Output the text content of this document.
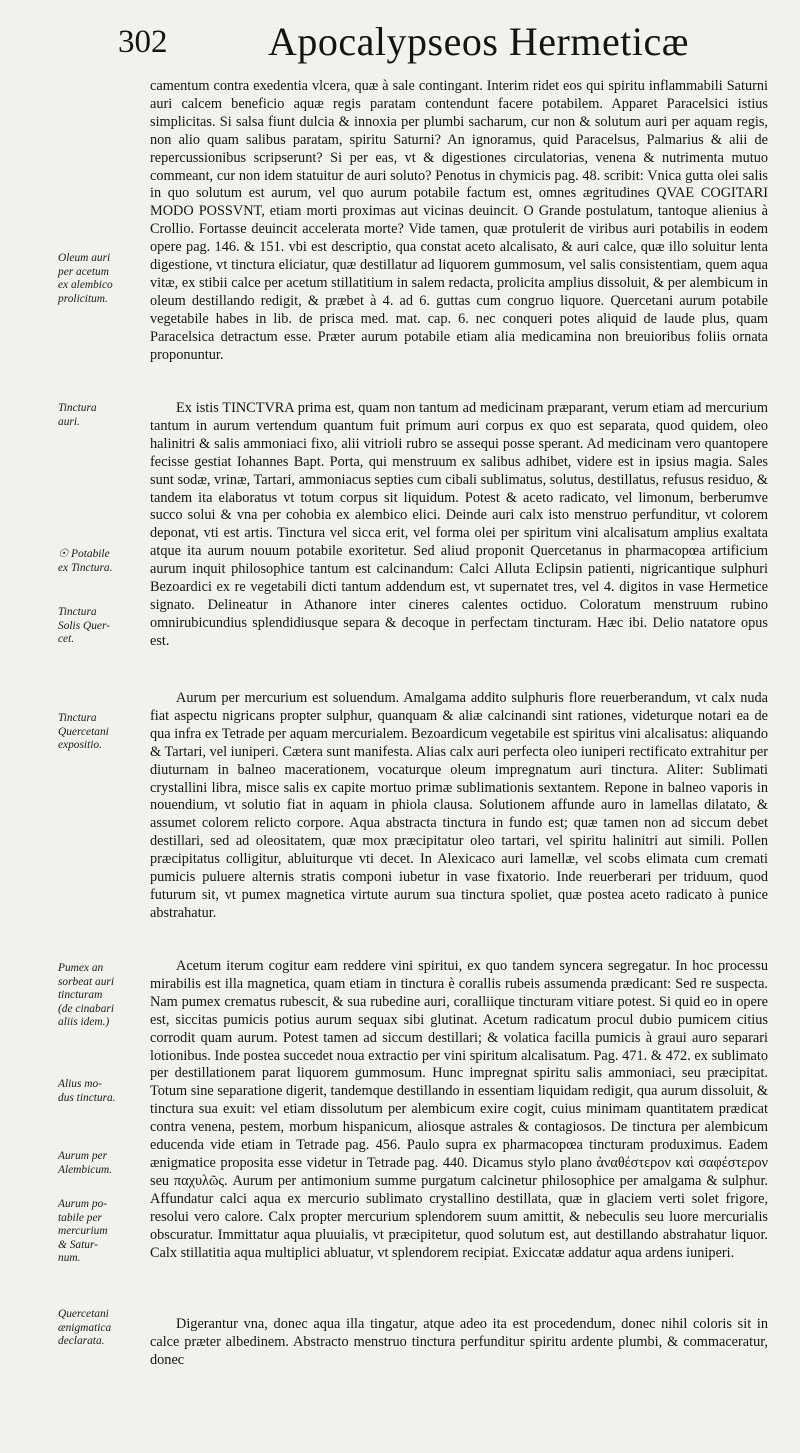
302	Apocalypseos Hermeticæ
Oleum auri
per acetum
ex alembico
prolicitum.
Tinctura
auri.
☉ Potabile
ex Tinctura.
Tinctura
Solis Quer-
cet.
Tinctura
Quercetani
expositio.
Pumex an
sorbeat auri
tincturam
(de cinabari
aliis idem.)
Alius mo-
dus tinctura.
Aurum per
Alembicum.
Aurum po-
tabile per
mercurium
& Satur-
num.
Quercetani
ænigmatica
declarata.

camentum contra exedentia vlcera, quæ à sale contingant. Interim ridet eos qui spiritu inflammabili Saturni auri calcem beneficio aquæ regis paratam contendunt facere potabilem. Apparet Paracelsici istius simplicitas. Si salsa fiunt dulcia & innoxia per plumbi sacharum, cur non & solutum auri per aquam regis, non alio quam salibus paratam, spiritu Saturni? An ignoramus, quid Paracelsus, Palmarius & alii de repercussionibus scripserunt? Si per eas, vt & digestiones circulatorias, venena & nutrimenta mutuo commeant, cur non idem statuitur de auri soluto? Penotus in chymicis pag. 48. scribit: Vnica gutta olei salis in quo solutum est aurum, vel quo aurum potabile factum est, omnes ægritudines QVAE COGITARI MODO POSSVNT, etiam morti proximas aut vicinas deuincit. O Grande postulatum, tantoque alienius à Crollio. Fortasse deuincit accelerata morte? Vide tamen, quæ protulerit de viribus auri potabilis in eodem opere pag. 146. & 151. vbi est descriptio, qua constat aceto alcalisato, & auri calce, quæ illo soluitur lenta digestione, vt tinctura eliciatur, quæ destillatur ad liquorem gummosum, vel salis consistentiam, quem aqua vitæ, ex stibii calce per acetum stillatitium in salem redacta, prolicita amplius dissoluit, & per alembicum in oleum destillando redigit, & præbet à 4. ad 6. guttas cum congruo liquore. Quercetani aurum potabile vegetabile habes in lib. de prisca med. mat. cap. 6. nec conqueri potes aliquid de laude plus, quam Paracelsica detractum esse. Præter aurum potabile etiam alia medicamina non breuioribus foliis ornata proponuntur.

Ex istis TINCTVRA prima est, quam non tantum ad medicinam præparant, verum etiam ad mercurium tantum in aurum vertendum quantum fuit primum auri corpus ex quo est separata, quod quidem, oleo halinitri & salis ammoniaci fixo, alii vitrioli rubro se assequi posse sperant. Ad medicinam vero quantopere fecisse gestiat Iohannes Bapt. Porta, qui menstruum ex salibus adhibet, videre est in ipsius magia. Sales sunt sodæ, vrinæ, Tartari, ammoniacus septies cum cibali sublimatus, solutus, destillatus, refusus residuo, & tandem ita elaboratus vt totum corpus sit liquidum. Potest & aceto radicato, vel limonum, berberumve succo solui & vna per cohobia ex alembico elici. Deinde auri calx isto menstruo perfunditur, vt colorem deponat, vti est artis. Tinctura vel sicca erit, vel forma olei per spiritum vini alcalisatum amplius exaltata atque ita aurum nouum potabile exoritetur. Sed aliud proponit Quercetanus in pharmacopœa artificium aurum inquit philosophice tantum est calcinandum: Calci Alluta Eclipsin patienti, nigricantique sulphuri Bezoardici ex re vegetabili dicti tantum addendum est, vt supernatet tres, vel 4. digitos in vase Hermetice signato. Delineatur in Athanore inter cineres calentes octiduo. Coloratum menstruum rubino omnirubicundius splendidiusque separa & decoque in perfectam tincturam. Hæc ibi. Delio natatore opus est.

Aurum per mercurium est soluendum. Amalgama addito sulphuris flore reuerberandum, vt calx nuda fiat aspectu nigricans propter sulphur, quanquam & aliæ calcinandi sint rationes, videturque notari ea de qua infra ex Tetrade per aquam mercurialem. Bezoardicum vegetabile est spiritus vini alcalisatus: aliquando & Tartari, vel iuniperi. Cætera sunt manifesta. Alias calx auri perfecta oleo iuniperi rectificato extrahitur per diuturnam in balneo macerationem, vocaturque oleum impregnatum auri tinctura. Aliter: Sublimati crystallini libra, misce salis ex capite mortuo primæ sublimationis sextantem. Repone in balneo vaporis in nouendium, vt solutio fiat in aquam in phiola clausa. Solutionem affunde auro in lamellas dilatato, & assumet colorem relicto corpore. Aqua abstracta tinctura in fundo est; quæ tamen non ad siccum debet destillari, sed ad oleositatem, quæ mox præcipitatur oleo tartari, vel spiritu halinitri aut simili. Pollen præcipitatus colligitur, abluiturque vti decet. In Alexicaco auri lamellæ, vel scobs elimata cum cremati pumicis puluere alternis stratis componi iubetur in vase fixatorio. Inde reuerberari per triduum, quod futurum sit, vt pumex magnetica virtute aurum sua tinctura spoliet, quæ postea aceto radicato à punice abstrahatur.

Acetum iterum cogitur eam reddere vini spiritui, ex quo tandem syncera segregatur. In hoc processu mirabilis est illa magnetica, quam etiam in tinctura è corallis rubeis assumenda prædicant: Sed re suspecta. Nam pumex crematus rubescit, & sua rubedine auri, coralliique tincturam vitiare potest. Si quid eo in opere est, siccitas pumicis potius aurum sequax sibi glutinat. Acetum radicatum procul dubio pumicem citius corrodit quam aurum. Potest tamen ad siccum destillari; & volatica facilla pumicis à graui auro separari lotionibus. Inde postea succedet noua extractio per vini spiritum alcalisatum. Pag. 471. & 472. ex sublimato per destillationem parat liquorem gummosum. Hunc impregnat spiritu salis ammoniaci, seu præcipitat. Totum sine separatione digerit, tandemque destillando in essentiam liquidam redigit, qua aurum dissoluit, & tinctura sua exuit: vel etiam dissolutum per alembicum exire cogit, cuius minimam quantitatem prædicat contra venena, pestem, morbum hispanicum, aliosque astrales & contagiosos. De tinctura per alembicum educenda vide etiam in Tetrade pag. 456. Paulo supra ex pharmacopœa tincturam produximus. Eadem ænigmatice proposita esse videtur in Tetrade pag. 440. Dicamus stylo plano ἀναθέστερον καὶ σαφέστερον seu παχυλῶς. Aurum per antimonium summe purgatum calcinetur philosophice per amalgama & sulphur. Affundatur calci aqua ex mercurio sublimato crystallino destillata, quæ in glaciem verti solet frigore, resolui vero calore. Calx propter mercurium splendorem suum amittit, & nebeculis seu luore mercurialis obscuratur. Immittatur aqua pluuialis, vt præcipitetur, quod solutum est, aut destillando abstrahatur liquor. Calx stillatitia aqua multiplici abluatur, vt splendorem recipiat. Exiccatæ addatur aqua ardens iuniperi.

Digerantur vna, donec aqua illa tingatur, atque adeo ita est procedendum, donec nihil coloris sit in calce præter albedinem. Abstracto menstruo tinctura perfunditur spiritu ardente plumbi, & commaceratur, donec
